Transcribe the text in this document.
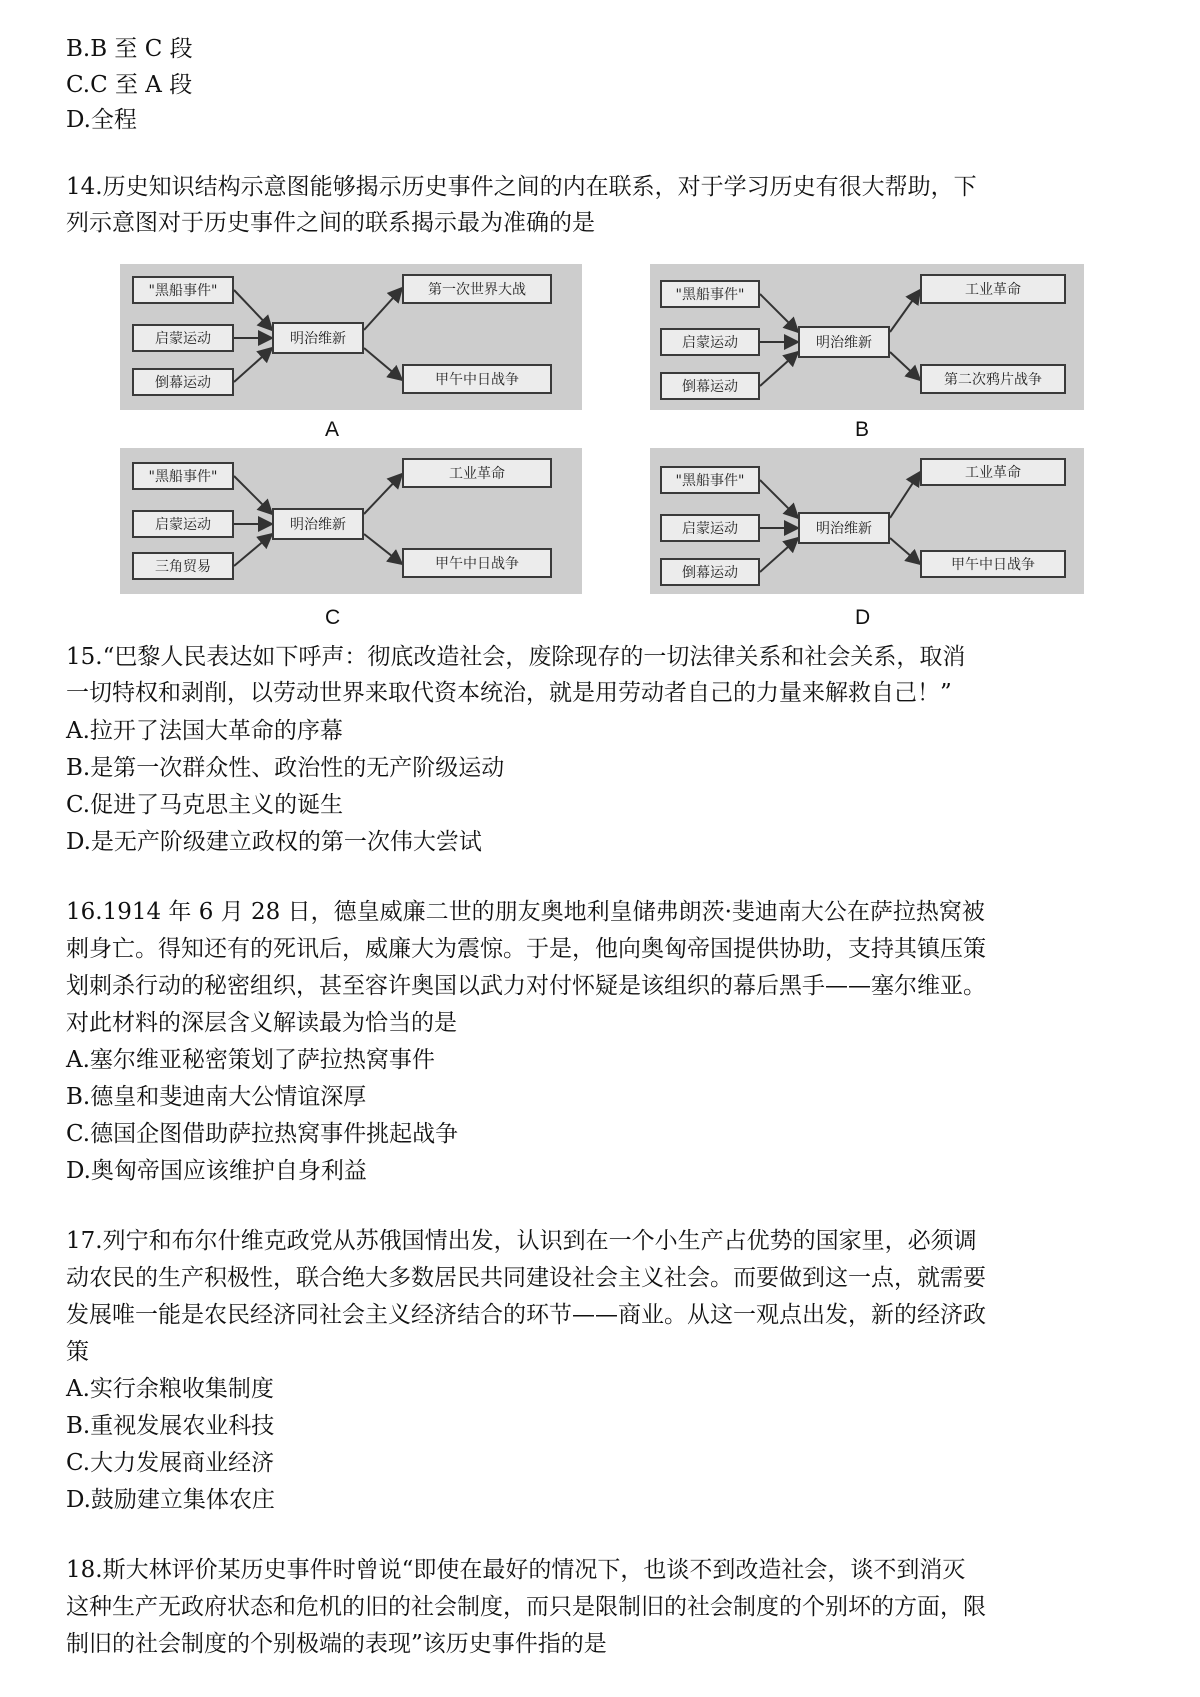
​
B.B 至 C 段
C.C 至 A 段
D.全程
14.历史知识结构示意图能够揭示历史事件之间的内在联系，对于学习历史有很大帮助，下
列示意图对于历史事件之间的联系揭示最为准确的是
"黑船事件"
启蒙运动
倒幕运动
明治维新
第一次世界大战
甲午中日战争
A
"黑船事件"
启蒙运动
倒幕运动
明治维新
工业革命
第二次鸦片战争
B
"黑船事件"
启蒙运动
三角贸易
明治维新
工业革命
甲午中日战争
C
"黑船事件"
启蒙运动
倒幕运动
明治维新
工业革命
甲午中日战争
D
15.“巴黎人民表达如下呼声：彻底改造社会，废除现存的一切法律关系和社会关系，取消
一切特权和剥削，以劳动世界来取代资本统治，就是用劳动者自己的力量来解救自己！”
A.拉开了法国大革命的序幕
B.是第一次群众性、政治性的无产阶级运动
C.促进了马克思主义的诞生
D.是无产阶级建立政权的第一次伟大尝试
16.1914 年 6 月 28 日，德皇威廉二世的朋友奥地利皇储弗朗茨·斐迪南大公在萨拉热窝被
刺身亡。得知还有的死讯后，威廉大为震惊。于是，他向奥匈帝国提供协助，支持其镇压策
划刺杀行动的秘密组织，甚至容许奥国以武力对付怀疑是该组织的幕后黑手——塞尔维亚。
对此材料的深层含义解读最为恰当的是
A.塞尔维亚秘密策划了萨拉热窝事件
B.德皇和斐迪南大公情谊深厚
C.德国企图借助萨拉热窝事件挑起战争
D.奥匈帝国应该维护自身利益
17.列宁和布尔什维克政党从苏俄国情出发，认识到在一个小生产占优势的国家里，必须调
动农民的生产积极性，联合绝大多数居民共同建设社会主义社会。而要做到这一点，就需要
发展唯一能是农民经济同社会主义经济结合的环节——商业。从这一观点出发，新的经济政
策
A.实行余粮收集制度
B.重视发展农业科技
C.大力发展商业经济
D.鼓励建立集体农庄
18.斯大林评价某历史事件时曾说“即使在最好的情况下，也谈不到改造社会，谈不到消灭
这种生产无政府状态和危机的旧的社会制度，而只是限制旧的社会制度的个别坏的方面，限
制旧的社会制度的个别极端的表现”该历史事件指的是
